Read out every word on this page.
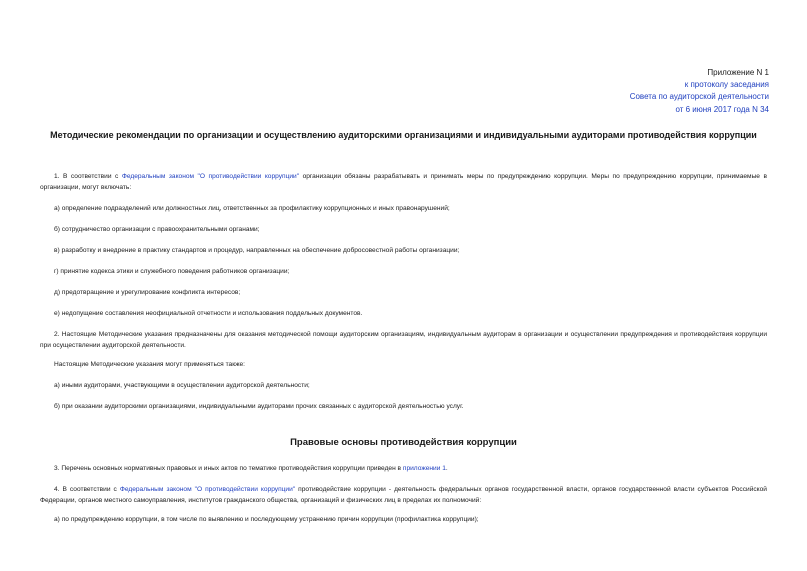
Приложение N 1
к протоколу заседания
Совета по аудиторской деятельности
от 6 июня 2017 года N 34
Методические рекомендации по организации и осуществлению аудиторскими организациями и индивидуальными аудиторами противодействия коррупции
1. В соответствии с Федеральным законом "О противодействии коррупции" организации обязаны разрабатывать и принимать меры по предупреждению коррупции. Меры по предупреждению коррупции, принимаемые в организации, могут включать:
а) определение подразделений или должностных лиц, ответственных за профилактику коррупционных и иных правонарушений;
б) сотрудничество организации с правоохранительными органами;
в) разработку и внедрение в практику стандартов и процедур, направленных на обеспечение добросовестной работы организации;
г) принятие кодекса этики и служебного поведения работников организации;
д) предотвращение и урегулирование конфликта интересов;
е) недопущение составления неофициальной отчетности и использования поддельных документов.
2. Настоящие Методические указания предназначены для оказания методической помощи аудиторским организациям, индивидуальным аудиторам в организации и осуществлении предупреждения и противодействия коррупции при осуществлении аудиторской деятельности.
Настоящие Методические указания могут применяться также:
а) иными аудиторами, участвующими в осуществлении аудиторской деятельности;
б) при оказании аудиторскими организациями, индивидуальными аудиторами прочих связанных с аудиторской деятельностью услуг.
Правовые основы противодействия коррупции
3. Перечень основных нормативных правовых и иных актов по тематике противодействия коррупции приведен в приложении 1.
4. В соответствии с Федеральным законом "О противодействии коррупции" противодействие коррупции - деятельность федеральных органов государственной власти, органов государственной власти субъектов Российской Федерации, органов местного самоуправления, институтов гражданского общества, организаций и физических лиц в пределах их полномочий:
а) по предупреждению коррупции, в том числе по выявлению и последующему устранению причин коррупции (профилактика коррупции);
